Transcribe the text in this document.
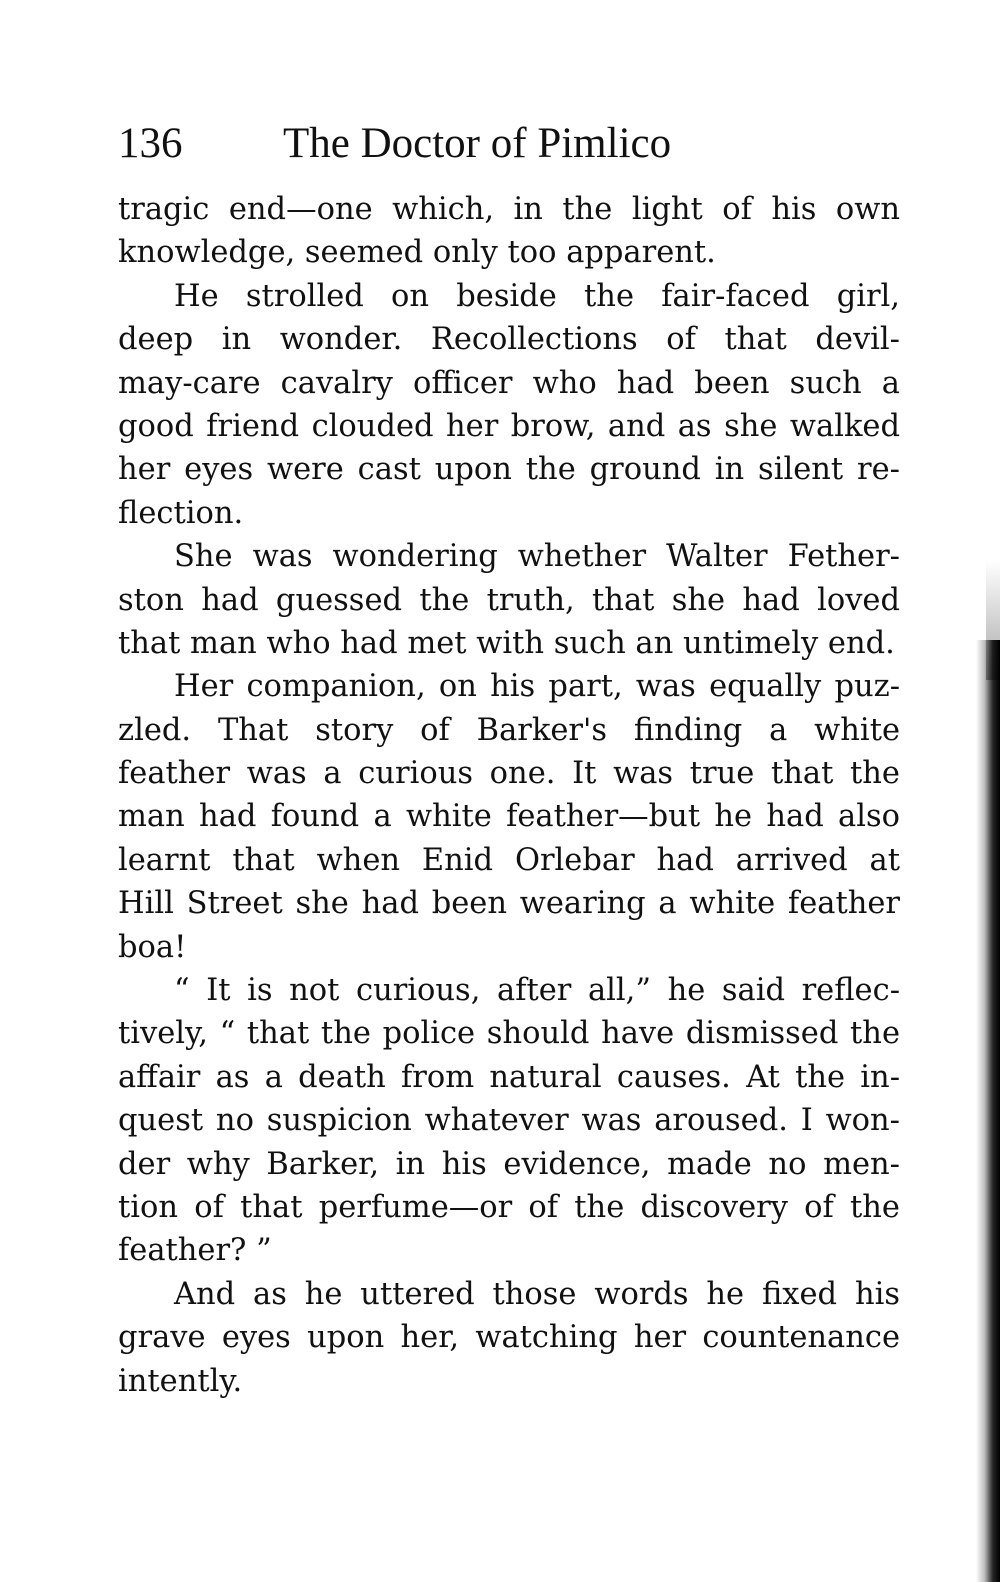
136 The Doctor of Pimlico
tragic end—one which, in the light of his own
knowledge, seemed only too apparent.
He strolled on beside the fair-faced girl,
deep in wonder. Recollections of that devil-
may-care cavalry officer who had been such a
good friend clouded her brow, and as she walked
her eyes were cast upon the ground in silent re-
flection.
She was wondering whether Walter Fether-
ston had guessed the truth, that she had loved
that man who had met with such an untimely end.
Her companion, on his part, was equally puz-
zled. That story of Barker's finding a white
feather was a curious one. It was true that the
man had found a white feather—but he had also
learnt that when Enid Orlebar had arrived at
Hill Street she had been wearing a white feather
boa!
“ It is not curious, after all,” he said reflec-
tively, “ that the police should have dismissed the
affair as a death from natural causes. At the in-
quest no suspicion whatever was aroused. I won-
der why Barker, in his evidence, made no men-
tion of that perfume—or of the discovery of the
feather? ”
And as he uttered those words he fixed his
grave eyes upon her, watching her countenance
intently.
